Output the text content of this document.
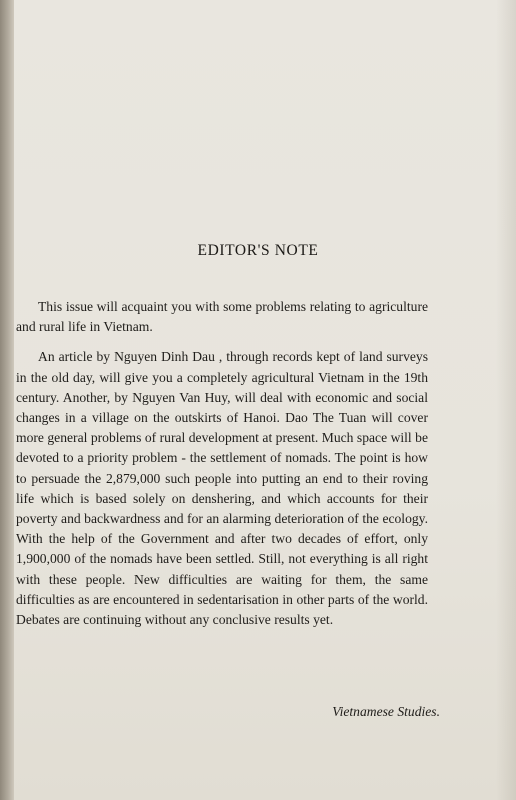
EDITOR'S NOTE

This issue will acquaint you with some problems relating to agriculture and rural life in Vietnam.

An article by Nguyen Dinh Dau , through records kept of land surveys in the old day, will give you a completely agricultural Vietnam in the 19th century. Another, by Nguyen Van Huy, will deal with economic and social changes in a village on the outskirts of Hanoi. Dao The Tuan will cover more general problems of rural development at present. Much space will be devoted to a priority problem - the settlement of nomads. The point is how to persuade the 2,879,000 such people into putting an end to their roving life which is based solely on denshering, and which accounts for their poverty and backwardness and for an alarming deterioration of the ecology. With the help of the Government and after two decades of effort, only 1,900,000 of the nomads have been settled. Still, not everything is all right with these people. New difficulties are waiting for them, the same difficulties as are encountered in sedentarisation in other parts of the world. Debates are continuing without any conclusive results yet.

Vietnamese Studies.
